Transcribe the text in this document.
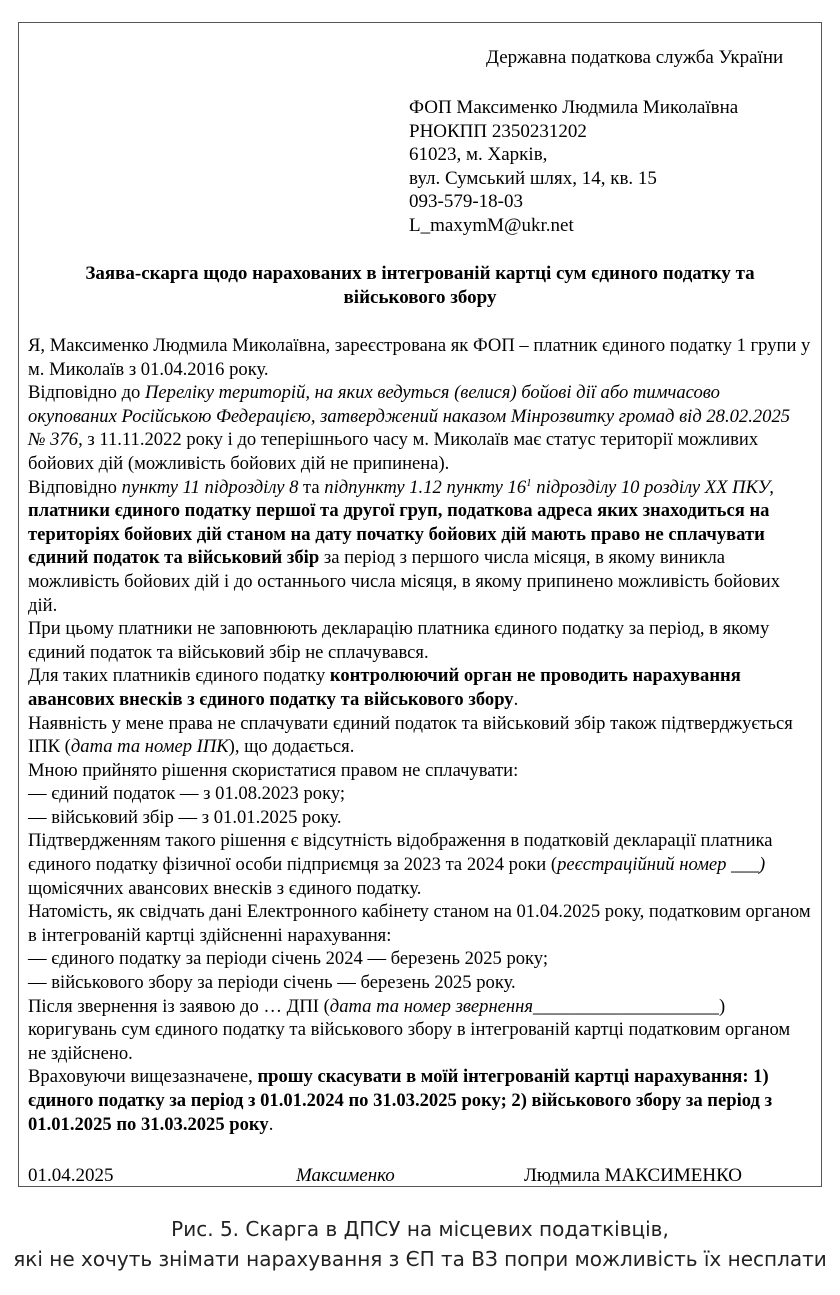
Державна податкова служба України
ФОП Максименко Людмила Миколаївна
РНОКПП 2350231202
61023, м. Харків,
вул. Сумський шлях, 14, кв. 15
093-579-18-03
L_maxymM@ukr.net
Заява-скарга щодо нарахованих в інтегрованій картці сум єдиного податку та
військового збору

Я, Максименко Людмила Миколаївна, зареєстрована як ФОП – платник єдиного податку 1 групи у м. Миколаїв з 01.04.2016 року.

Відповідно до Переліку територій, на яких ведуться (велися) бойові дії або тимчасово окупованих Російською Федерацією, затверджений наказом Мінрозвитку громад від 28.02.2025 № 376, з 11.11.2022 року і до теперішнього часу м. Миколаїв має статус території можливих бойових дій (можливість бойових дій не припинена).

Відповідно пункту 11 підрозділу 8 та підпункту 1.12 пункту $16^1$ підрозділу 10 розділу ХХ ПКУ, платники єдиного податку першої та другої груп, податкова адреса яких знаходиться на територіях бойових дій станом на дату початку бойових дій мають право не сплачувати єдиний податок та військовий збір за період з першого числа місяця, в якому виникла можливість бойових дій і до останнього числа місяця, в якому припинено можливість бойових дій.

При цьому платники не заповнюють декларацію платника єдиного податку за період, в якому єдиний податок та військовий збір не сплачувався.

Для таких платників єдиного податку контролюючий орган не проводить нарахування авансових внесків з єдиного податку та військового збору.

Наявність у мене права не сплачувати єдиний податок та військовий збір також підтверджується ІПК (дата та номер ІПК), що додається.

Мною прийнято рішення скористатися правом не сплачувати:

— єдиний податок — з 01.08.2023 року;

— військовий збір — з 01.01.2025 року.

Підтвердженням такого рішення є відсутність відображення в податковій декларації платника єдиного податку фізичної особи підприємця за 2023 та 2024 роки (реєстраційний номер ___) щомісячних авансових внесків з єдиного податку.

Натомість, як свідчать дані Електронного кабінету станом на 01.04.2025 року, податковим органом в інтегрованій картці здійсненні нарахування:

— єдиного податку за періоди січень 2024 — березень 2025 року;

— військового збору за періоди січень — березень 2025 року.

Після звернення із заявою до … ДПІ (дата та номер звернення____________________) коригувань сум єдиного податку та військового збору в інтегрованій картці податковим органом не здійснено.

Враховуючи вищезазначене, прошу скасувати в моїй інтегрованій картці нарахування: 1) єдиного податку за період з 01.01.2024 по 31.03.2025 року; 2) військового збору за період з 01.01.2025 по 31.03.2025 року.

01.04.2025	Максименко	Людмила МАКСИМЕНКО
Рис. 5. Скарга в ДПСУ на місцевих податківців,
які не хочуть знімати нарахування з ЄП та ВЗ попри можливість їх несплати
